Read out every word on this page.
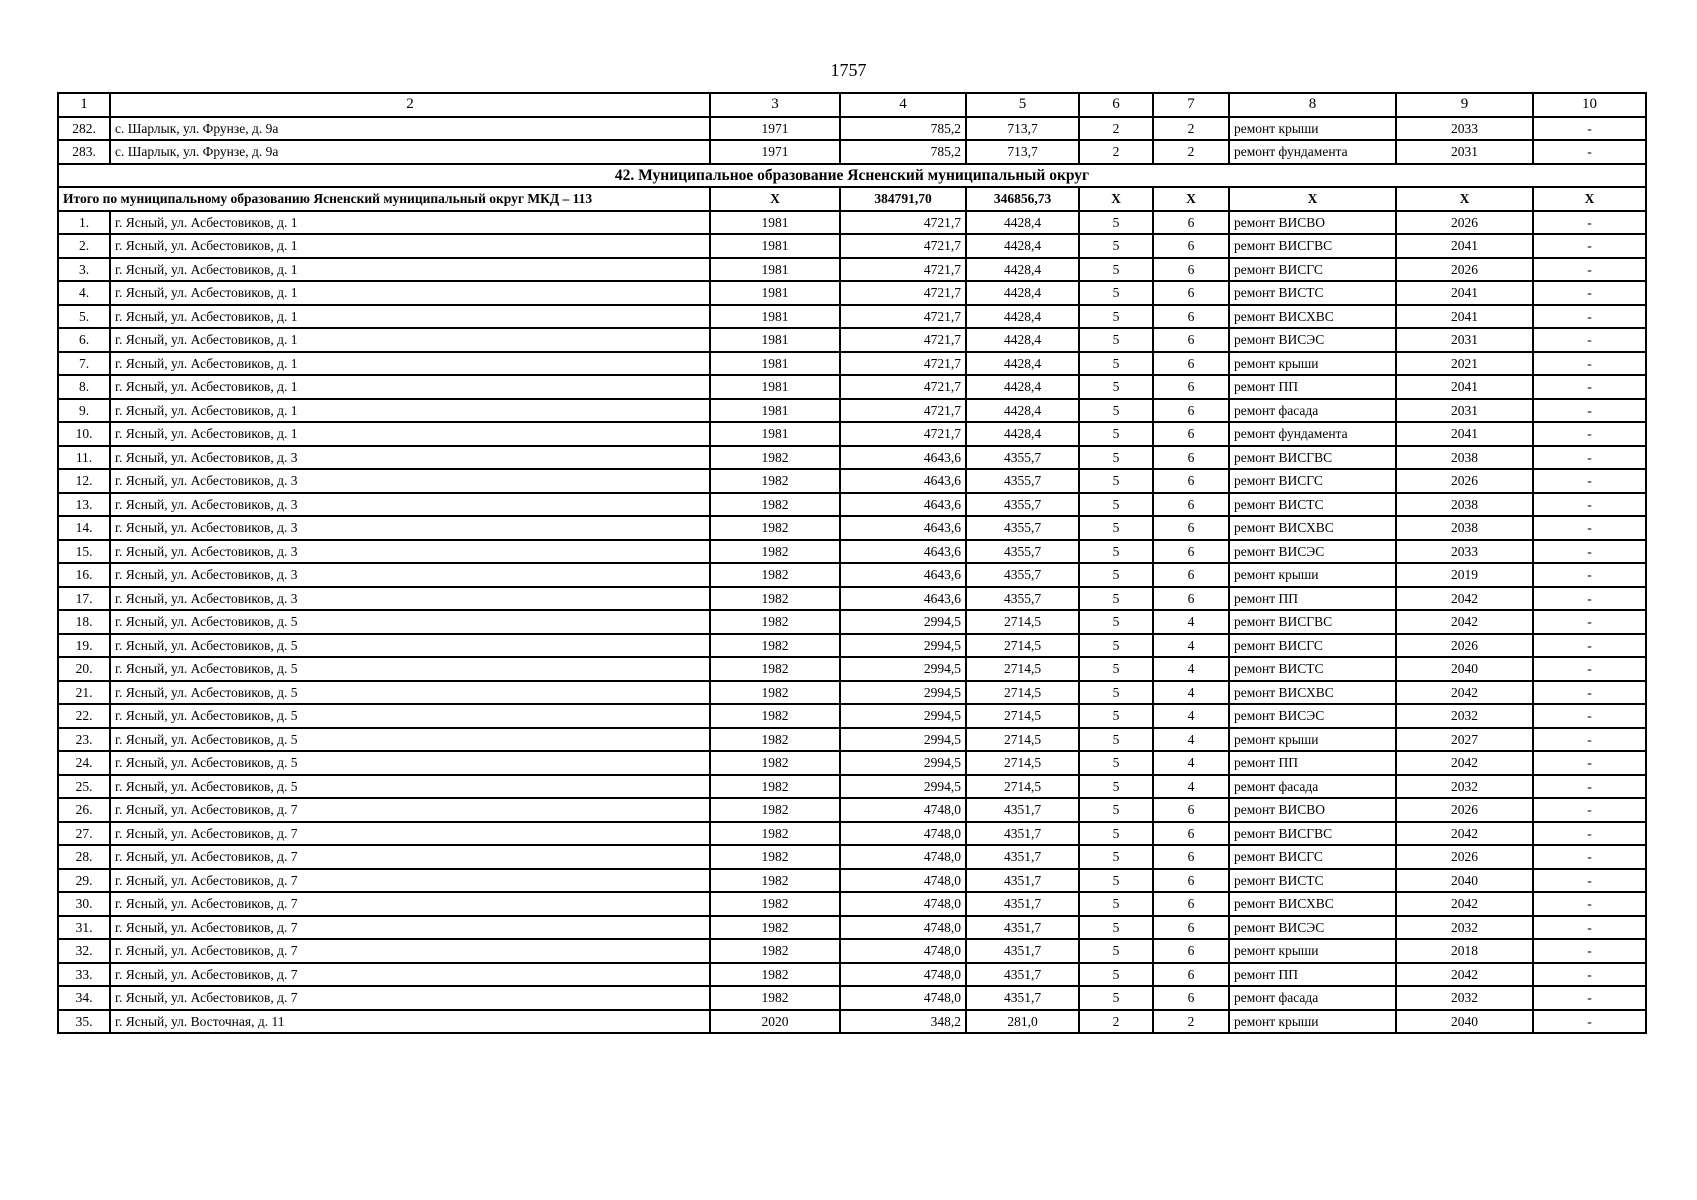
1757
1	2	3	4	5	6	7	8	9	10
282.	с. Шарлык, ул. Фрунзе, д. 9а	1971	785,2	713,7	2	2	ремонт крыши	2033	-
283.	с. Шарлык, ул. Фрунзе, д. 9а	1971	785,2	713,7	2	2	ремонт фундамента	2031	-
42. Муниципальное образование Ясненский муниципальный округ									
Итого по муниципальному образованию Ясненский муниципальный округ МКД – 113		Х	384791,70	346856,73	Х	Х	Х	Х	Х
1.	г. Ясный, ул. Асбестовиков, д. 1	1981	4721,7	4428,4	5	6	ремонт ВИСВО	2026	-
2.	г. Ясный, ул. Асбестовиков, д. 1	1981	4721,7	4428,4	5	6	ремонт ВИСГВС	2041	-
3.	г. Ясный, ул. Асбестовиков, д. 1	1981	4721,7	4428,4	5	6	ремонт ВИСГС	2026	-
4.	г. Ясный, ул. Асбестовиков, д. 1	1981	4721,7	4428,4	5	6	ремонт ВИСТС	2041	-
5.	г. Ясный, ул. Асбестовиков, д. 1	1981	4721,7	4428,4	5	6	ремонт ВИСХВС	2041	-
6.	г. Ясный, ул. Асбестовиков, д. 1	1981	4721,7	4428,4	5	6	ремонт ВИСЭС	2031	-
7.	г. Ясный, ул. Асбестовиков, д. 1	1981	4721,7	4428,4	5	6	ремонт крыши	2021	-
8.	г. Ясный, ул. Асбестовиков, д. 1	1981	4721,7	4428,4	5	6	ремонт ПП	2041	-
9.	г. Ясный, ул. Асбестовиков, д. 1	1981	4721,7	4428,4	5	6	ремонт фасада	2031	-
10.	г. Ясный, ул. Асбестовиков, д. 1	1981	4721,7	4428,4	5	6	ремонт фундамента	2041	-
11.	г. Ясный, ул. Асбестовиков, д. 3	1982	4643,6	4355,7	5	6	ремонт ВИСГВС	2038	-
12.	г. Ясный, ул. Асбестовиков, д. 3	1982	4643,6	4355,7	5	6	ремонт ВИСГС	2026	-
13.	г. Ясный, ул. Асбестовиков, д. 3	1982	4643,6	4355,7	5	6	ремонт ВИСТС	2038	-
14.	г. Ясный, ул. Асбестовиков, д. 3	1982	4643,6	4355,7	5	6	ремонт ВИСХВС	2038	-
15.	г. Ясный, ул. Асбестовиков, д. 3	1982	4643,6	4355,7	5	6	ремонт ВИСЭС	2033	-
16.	г. Ясный, ул. Асбестовиков, д. 3	1982	4643,6	4355,7	5	6	ремонт крыши	2019	-
17.	г. Ясный, ул. Асбестовиков, д. 3	1982	4643,6	4355,7	5	6	ремонт ПП	2042	-
18.	г. Ясный, ул. Асбестовиков, д. 5	1982	2994,5	2714,5	5	4	ремонт ВИСГВС	2042	-
19.	г. Ясный, ул. Асбестовиков, д. 5	1982	2994,5	2714,5	5	4	ремонт ВИСГС	2026	-
20.	г. Ясный, ул. Асбестовиков, д. 5	1982	2994,5	2714,5	5	4	ремонт ВИСТС	2040	-
21.	г. Ясный, ул. Асбестовиков, д. 5	1982	2994,5	2714,5	5	4	ремонт ВИСХВС	2042	-
22.	г. Ясный, ул. Асбестовиков, д. 5	1982	2994,5	2714,5	5	4	ремонт ВИСЭС	2032	-
23.	г. Ясный, ул. Асбестовиков, д. 5	1982	2994,5	2714,5	5	4	ремонт крыши	2027	-
24.	г. Ясный, ул. Асбестовиков, д. 5	1982	2994,5	2714,5	5	4	ремонт ПП	2042	-
25.	г. Ясный, ул. Асбестовиков, д. 5	1982	2994,5	2714,5	5	4	ремонт фасада	2032	-
26.	г. Ясный, ул. Асбестовиков, д. 7	1982	4748,0	4351,7	5	6	ремонт ВИСВО	2026	-
27.	г. Ясный, ул. Асбестовиков, д. 7	1982	4748,0	4351,7	5	6	ремонт ВИСГВС	2042	-
28.	г. Ясный, ул. Асбестовиков, д. 7	1982	4748,0	4351,7	5	6	ремонт ВИСГС	2026	-
29.	г. Ясный, ул. Асбестовиков, д. 7	1982	4748,0	4351,7	5	6	ремонт ВИСТС	2040	-
30.	г. Ясный, ул. Асбестовиков, д. 7	1982	4748,0	4351,7	5	6	ремонт ВИСХВС	2042	-
31.	г. Ясный, ул. Асбестовиков, д. 7	1982	4748,0	4351,7	5	6	ремонт ВИСЭС	2032	-
32.	г. Ясный, ул. Асбестовиков, д. 7	1982	4748,0	4351,7	5	6	ремонт крыши	2018	-
33.	г. Ясный, ул. Асбестовиков, д. 7	1982	4748,0	4351,7	5	6	ремонт ПП	2042	-
34.	г. Ясный, ул. Асбестовиков, д. 7	1982	4748,0	4351,7	5	6	ремонт фасада	2032	-
35.	г. Ясный, ул. Восточная, д. 11	2020	348,2	281,0	2	2	ремонт крыши	2040	-
